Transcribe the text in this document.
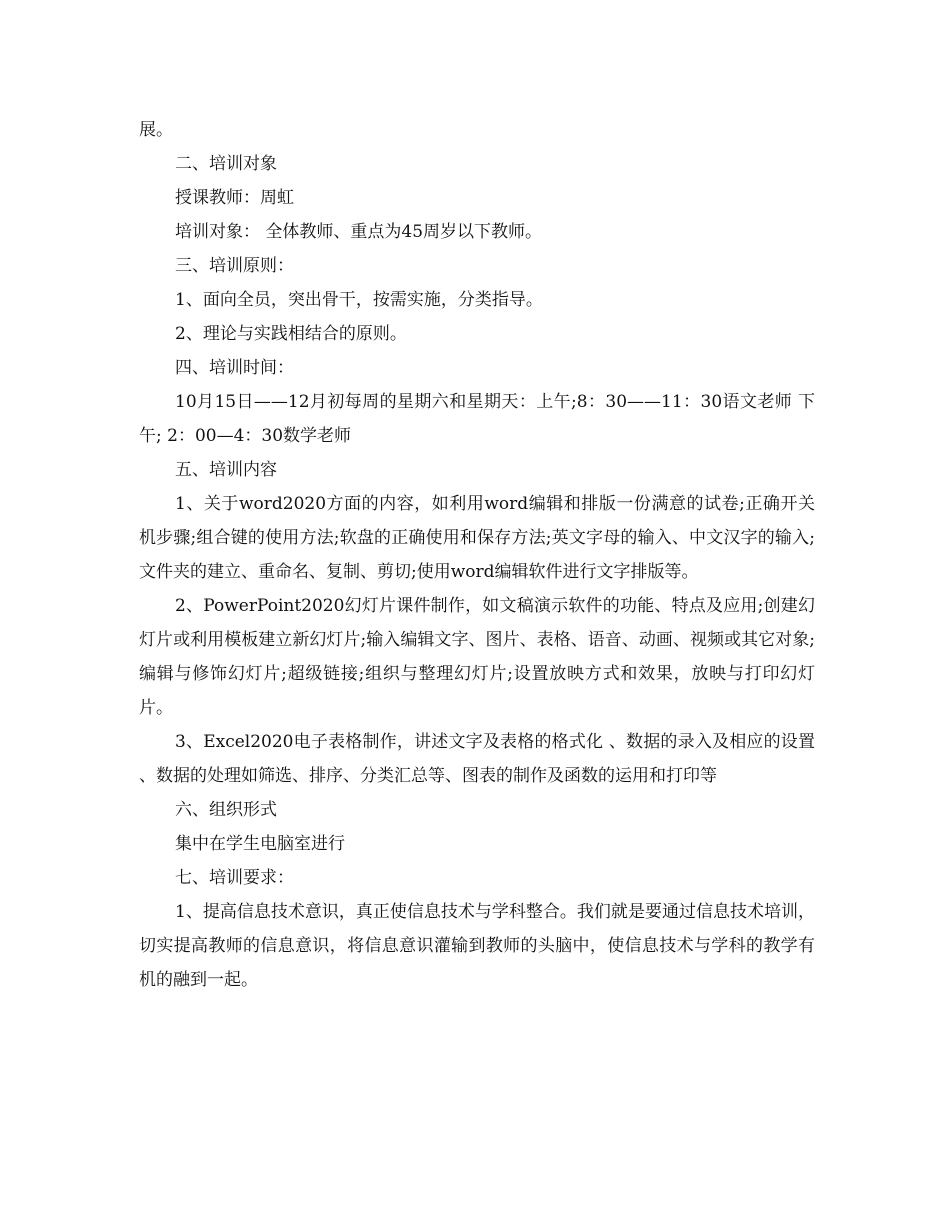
展。

二、培训对象

授课教师：周虹

培训对象： 全体教师、重点为45周岁以下教师。

三、培训原则：

1、面向全员，突出骨干，按需实施，分类指导。

2、理论与实践相结合的原则。

四、培训时间：

10月15日——12月初每周的星期六和星期天：上午;8：30——11：30语文老师 下午; 2：00—4：30数学老师

五、培训内容

1、关于word2020方面的内容，如利用word编辑和排版一份满意的试卷;正确开关机步骤;组合键的使用方法;软盘的正确使用和保存方法;英文字母的输入、中文汉字的输入;文件夹的建立、重命名、复制、剪切;使用word编辑软件进行文字排版等。

2、PowerPoint2020幻灯片课件制作，如文稿演示软件的功能、特点及应用;创建幻灯片或利用模板建立新幻灯片;输入编辑文字、图片、表格、语音、动画、视频或其它对象;编辑与修饰幻灯片;超级链接;组织与整理幻灯片;设置放映方式和效果，放映与打印幻灯片。

3、Excel2020电子表格制作，讲述文字及表格的格式化 、数据的录入及相应的设置 、数据的处理如筛选、排序、分类汇总等、图表的制作及函数的运用和打印等

六、组织形式

集中在学生电脑室进行

七、培训要求：

1、提高信息技术意识，真正使信息技术与学科整合。我们就是要通过信息技术培训，切实提高教师的信息意识，将信息意识灌输到教师的头脑中，使信息技术与学科的教学有机的融到一起。
